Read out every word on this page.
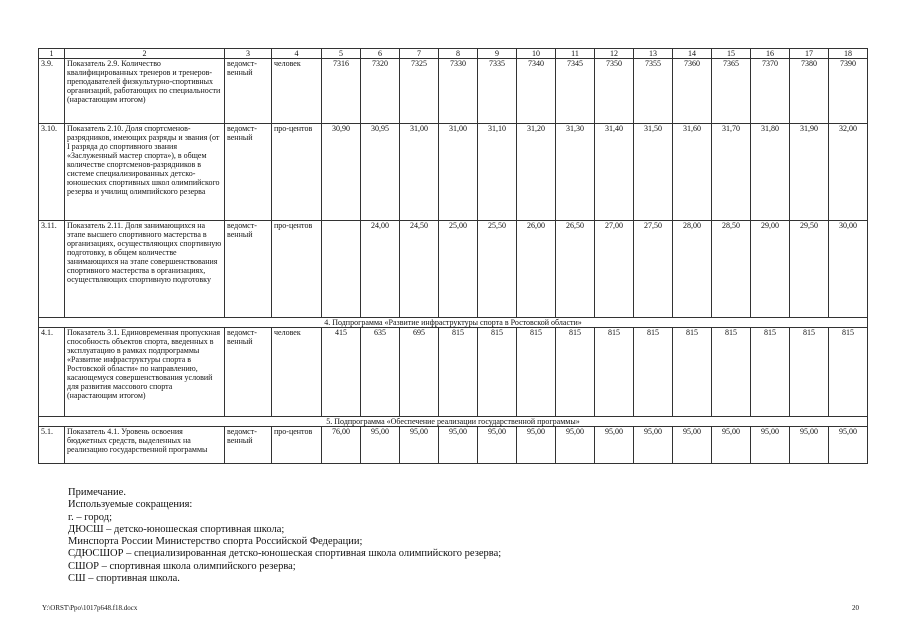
1	2	3	4	5	6	7	8	9	10	11	12	13	14	15	16	17	18
3.9.	Показатель 2.9. Количество квалифицированных тренеров и тренеров-преподавателей физкультурно-спортивных организаций, работающих по специальности (нарастающим итогом)	ведомст-венный	человек	7316	7320	7325	7330	7335	7340	7345	7350	7355	7360	7365	7370	7380	7390
3.10.	Показатель 2.10. Доля спортсменов-разрядников, имеющих разряды и звания (от I разряда до спортивного звания «Заслуженный мастер спорта»), в общем количестве спортсменов-разрядников в системе специализированных детско-юношеских спортивных школ олимпийского резерва и училищ олимпийского резерва	ведомст-венный	про-центов	30,90	30,95	31,00	31,00	31,10	31,20	31,30	31,40	31,50	31,60	31,70	31,80	31,90	32,00
3.11.	Показатель 2.11. Доля занимающихся на этапе высшего спортивного мастерства в организациях, осуществляющих спортивную подготовку, в общем количестве занимающихся на этапе совершенствования спортивного мастерства в организациях, осуществляющих спортивную подготовку	ведомст-венный	про-центов		24,00	24,50	25,00	25,50	26,00	26,50	27,00	27,50	28,00	28,50	29,00	29,50	30,00
4. Подпрограмма «Развитие инфраструктуры спорта в Ростовской области»																	
4.1.	Показатель 3.1. Единовременная пропускная способность объектов спорта, введенных в эксплуатацию в рамках подпрограммы «Развитие инфраструктуры спорта в Ростовской области» по направлению, касающемуся совершенствования условий для развития массового спорта (нарастающим итогом)	ведомст-венный	человек	415	635	695	815	815	815	815	815	815	815	815	815	815	815
5. Подпрограмма «Обеспечение реализации государственной программы»																	
5.1.	Показатель 4.1. Уровень освоения бюджетных средств, выделенных на реализацию государственной программы	ведомст-венный	про-центов	76,00	95,00	95,00	95,00	95,00	95,00	95,00	95,00	95,00	95,00	95,00	95,00	95,00	95,00
Примечание.
Используемые сокращения:
г. – город;
ДЮСШ – детско-юношеская спортивная школа;
Минспорта России Министерство спорта Российской Федерации;
СДЮСШОР – специализированная детско-юношеская спортивная школа олимпийского резерва;
СШОР – спортивная школа олимпийского резерва;
СШ – спортивная школа.
Y:\ORST\Ppo\1017p648.f18.docx	20
